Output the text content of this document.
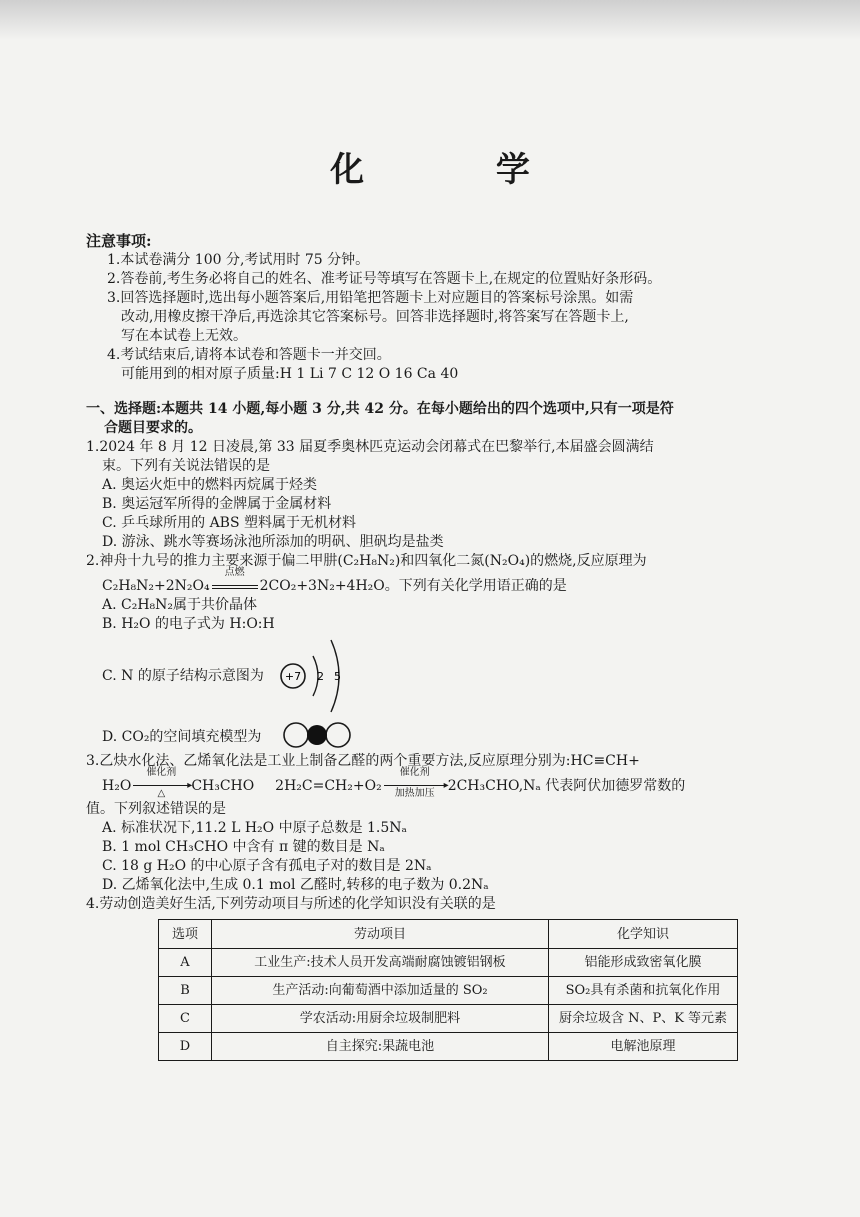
化 学
注意事项:
1.本试卷满分 100 分,考试用时 75 分钟。
2.答卷前,考生务必将自己的姓名、准考证号等填写在答题卡上,在规定的位置贴好条形码。
3.回答选择题时,选出每小题答案后,用铅笔把答题卡上对应题目的答案标号涂黑。如需
改动,用橡皮擦干净后,再选涂其它答案标号。回答非选择题时,将答案写在答题卡上,
写在本试卷上无效。
4.考试结束后,请将本试卷和答题卡一并交回。
可能用到的相对原子质量:H 1 Li 7 C 12 O 16 Ca 40
一、选择题:本题共 14 小题,每小题 3 分,共 42 分。在每小题给出的四个选项中,只有一项是符
合题目要求的。
1.2024 年 8 月 12 日凌晨,第 33 届夏季奥林匹克运动会闭幕式在巴黎举行,本届盛会圆满结
束。下列有关说法错误的是
A. 奥运火炬中的燃料丙烷属于烃类
B. 奥运冠军所得的金牌属于金属材料
C. 乒乓球所用的 ABS 塑料属于无机材料
D. 游泳、跳水等赛场泳池所添加的明矾、胆矾均是盐类
2.神舟十九号的推力主要来源于偏二甲肼(C₂H₈N₂)和四氧化二氮(N₂O₄)的燃烧,反应原理为
C₂H₈N₂+2N₂O₄
点燃
2CO₂+3N₂+4H₂O。下列有关化学用语正确的是
A. C₂H₈N₂属于共价晶体
B. H₂O 的电子式为 H:O:H
C. N 的原子结构示意图为 +7 2 5
D. CO₂的空间填充模型为
3.乙炔水化法、乙烯氧化法是工业上制备乙醛的两个重要方法,反应原理分别为:HC≡CH+
H₂O
催化剂
▸
△	CH₃CHO 2H₂C=CH₂+O₂
催化剂
▸
加热加压 2CH₃CHO,Nₐ 代表阿伏加德罗常数的
值。下列叙述错误的是
A. 标准状况下,11.2 L H₂O 中原子总数是 1.5Nₐ
B. 1 mol CH₃CHO 中含有 π 键的数目是 Nₐ
C. 18 g H₂O 的中心原子含有孤电子对的数目是 2Nₐ
D. 乙烯氧化法中,生成 0.1 mol 乙醛时,转移的电子数为 0.2Nₐ
4.劳动创造美好生活,下列劳动项目与所述的化学知识没有关联的是
选项	劳动项目	化学知识
A	工业生产:技术人员开发高端耐腐蚀镀铝钢板	铝能形成致密氧化膜
B	生产活动:向葡萄酒中添加适量的 SO₂	SO₂具有杀菌和抗氧化作用
C	学农活动:用厨余垃圾制肥料	厨余垃圾含 N、P、K 等元素
D	自主探究:果蔬电池	电解池原理
